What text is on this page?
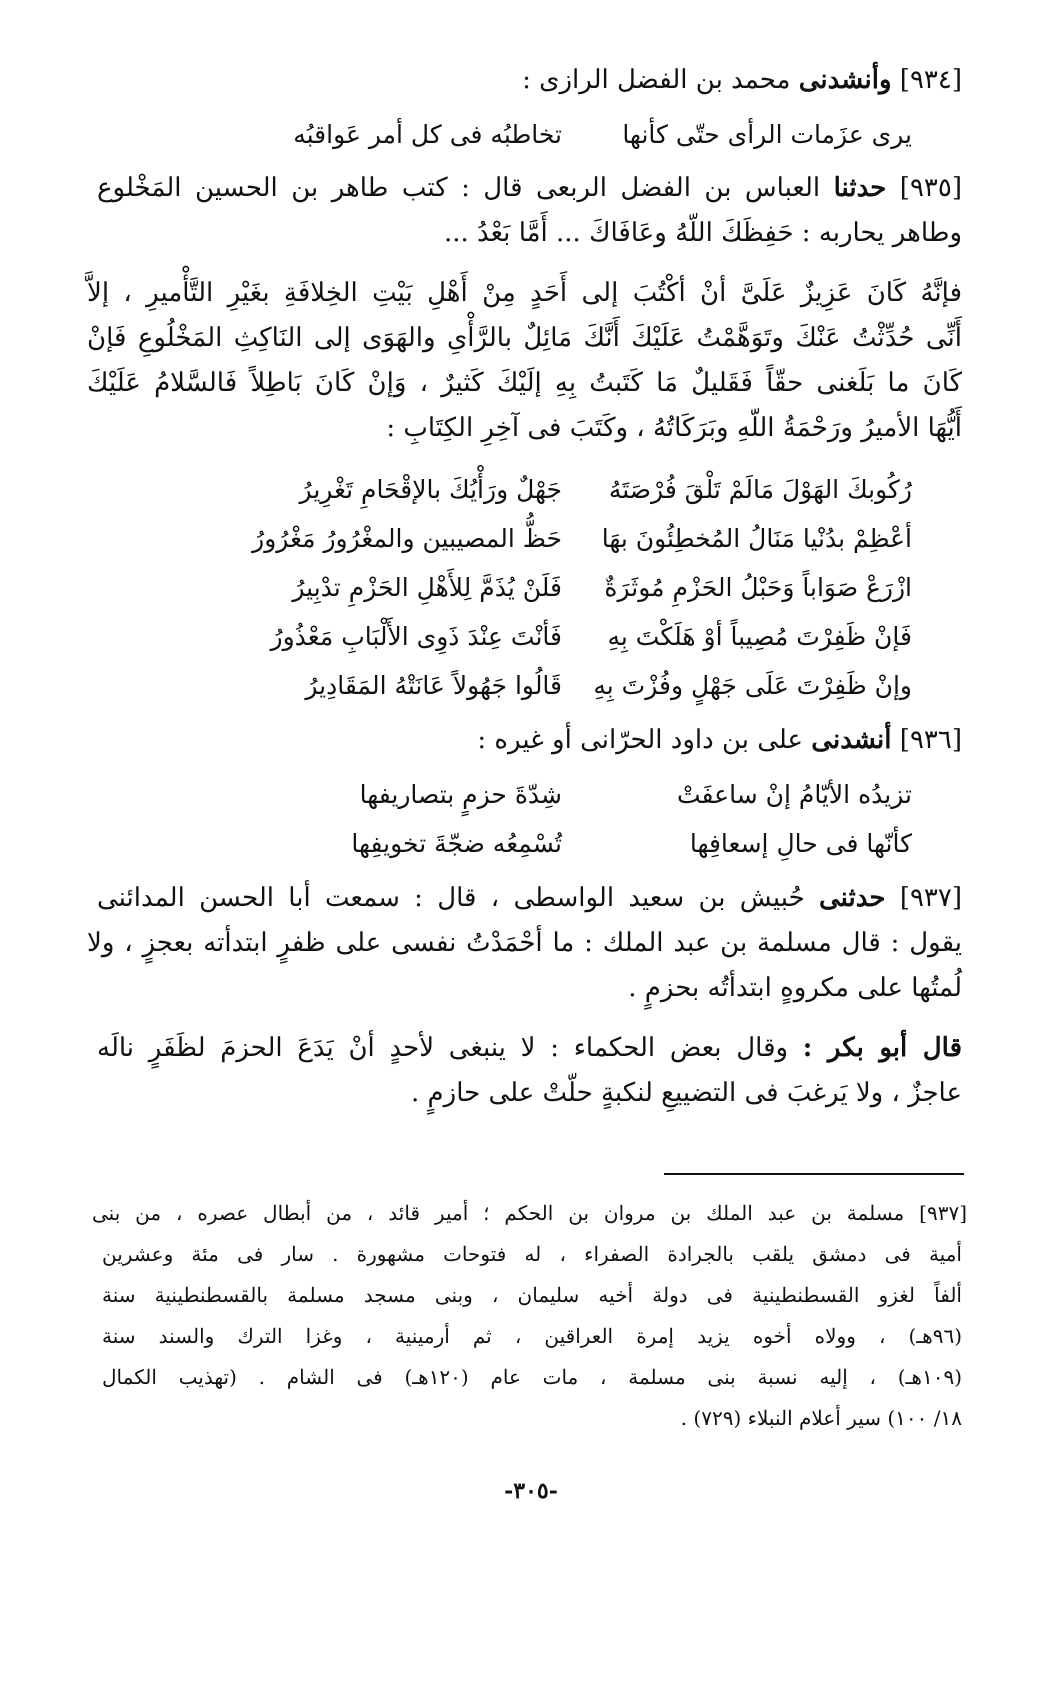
[٩٣٤] وأنشدنى محمد بن الفضل الرازى :
يرى عزَمات الرأى حتّى كأنها
تخاطبُه فى كل أمر عَواقبُه
[٩٣٥] حدثنا العباس بن الفضل الربعى قال : كتب طاهر بن الحسين المَخْلوع
وطاهر يحاربه : حَفِظَكَ اللّهُ وعَافَاكَ ... أَمَّا بَعْدُ ...
فإنَّهُ كَانَ عَزِيزٌ عَلَىَّ أنْ أكْتُبَ إلى أَحَدٍ مِنْ أَهْلِ بَيْتِ الخِلافَةِ بغَيْرِ التَّأْميرِ ، إلاَّ
أَنِّى حُدِّثْتُ عَنْكَ وتَوَهَّمْتُ عَلَيْكَ أَنَّكَ مَائِلٌ بالرَّأْىِ والهَوَى إلى النَاكِثِ المَخْلُوعِ فَإنْ
كَانَ ما بَلَغنى حقّاً فَقَليلٌ مَا كَتَبتُ بِهِ إلَيْكَ كَثيرٌ ، وَإنْ كَانَ بَاطِلاً فَالسَّلامُ عَلَيْكَ
أَيُّهَا الأميرُ ورَحْمَةُ اللّهِ وبَرَكَاتُهُ ، وكَتَبَ فى آخِرِ الكِتَابِ :
رُكُوبكَ الهَوْلَ مَالَمْ تَلْقَ فُرْصَتَهُ
جَهْلٌ ورَأْيُكَ بالإقْحَامِ تَغْرِيرُ
أعْظِمْ بدُنْيا مَنَالُ المُخطِئُونَ بهَا
حَظُّ المصيبين والمغْرُورُ مَغْرُورُ
ازْرَعْ صَوَاباً وَحَبْلُ الحَزْمِ مُوثَرَةٌ
فَلَنْ يُذَمَّ لِلأَهْلِ الحَزْمِ تدْبِيرُ
فَإنْ ظَفِرْتَ مُصِيباً أوْ هَلَكْتَ بِهِ
فَأنْتَ عِنْدَ ذَوِى الأَلْبَابِ مَعْذُورُ
وإنْ ظَفِرْتَ عَلَى جَهْلٍ وفُزْتَ بِهِ
قَالُوا جَهُولاً عَانَتْهُ المَقَادِيرُ
[٩٣٦] أنشدنى على بن داود الحرّانى أو غيره :
تزيدُه الأيّامُ إنْ ساعفَتْ
شِدّةَ حزمٍ بتصاريفها
كأنّها فى حالِ إسعافِها
تُسْمِعُه ضجّةَ تخويفِها
[٩٣٧] حدثنى حُبيش بن سعيد الواسطى ، قال : سمعت أبا الحسن المدائنى
يقول : قال مسلمة بن عبد الملك : ما أحْمَدْتُ نفسى على ظفرٍ ابتدأته بعجزٍ ، ولا
لُمتُها على مكروهٍ ابتدأتُه بحزمٍ .
قال أبو بكر : وقال بعض الحكماء : لا ينبغى لأحدٍ أنْ يَدَعَ الحزمَ لظَفَرٍ نالَه
عاجزٌ ، ولا يَرغبَ فى التضييعِ لنكبةٍ حلّتْ على حازمٍ .
[٩٣٧] مسلمة بن عبد الملك بن مروان بن الحكم ؛ أمير قائد ، من أبطال عصره ، من بنى
أمية فى دمشق يلقب بالجرادة الصفراء ، له فتوحات مشهورة . سار فى مئة وعشرين
ألفاً لغزو القسطنطينية فى دولة أخيه سليمان ، وبنى مسجد مسلمة بالقسطنطينية سنة
(٩٦هـ) ، وولاه أخوه يزيد إمرة العراقين ، ثم أرمينية ، وغزا الترك والسند سنة
(١٠٩هـ) ، إليه نسبة بنى مسلمة ، مات عام (١٢٠هـ) فى الشام . (تهذيب الكمال
١٨/ ١٠٠) سير أعلام النبلاء (٧٢٩) .
-٣٠٥-
